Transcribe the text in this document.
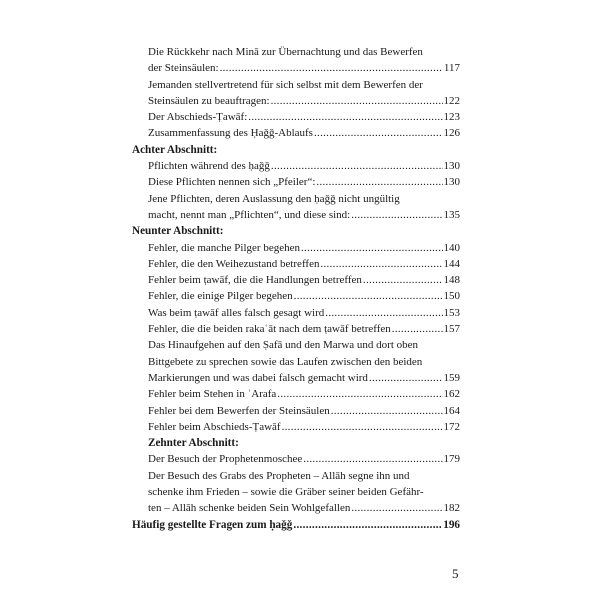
Die Rückkehr nach Minā zur Übernachtung und das Bewerfen
der Steinsäulen: .....	117
Jemanden stellvertretend für sich selbst mit dem Bewerfen der
Steinsäulen zu beauftragen: .....	122
Der Abschieds-Ṭawāf: .....	123
Zusammenfassung des Ḥaǧǧ-Ablaufs .....	126
Achter Abschnitt:
Pflichten während des ḥaǧǧ .....	130
Diese Pflichten nennen sich „Pfeiler“: .....	130
Jene Pflichten, deren Auslassung den ḥaǧǧ nicht ungültig
macht, nennt man „Pflichten“, und diese sind: .....	135
Neunter Abschnitt:
Fehler, die manche Pilger begehen .....	140
Fehler, die den Weihezustand betreffen .....	144
Fehler beim ṭawāf, die die Handlungen betreffen .....	148
Fehler, die einige Pilger begehen .....	150
Was beim ṭawāf alles falsch gesagt wird .....	153
Fehler, die die beiden rakaʿāt nach dem ṭawāf betreffen .....	157
Das Hinaufgehen auf den Ṣafā und den Marwa und dort oben
Bittgebete zu sprechen sowie das Laufen zwischen den beiden
Markierungen und was dabei falsch gemacht wird .....	159
Fehler beim Stehen in ʿArafa .....	162
Fehler bei dem Bewerfen der Steinsäulen .....	164
Fehler beim Abschieds-Ṭawāf .....	172
Zehnter Abschnitt:
Der Besuch der Prophetenmoschee .....	179
Der Besuch des Grabs des Propheten – Allāh segne ihn und
schenke ihm Frieden – sowie die Gräber seiner beiden Gefähr-
ten – Allāh schenke beiden Sein Wohlgefallen .....	182
Häufig gestellte Fragen zum ḥaǧǧ .....	196
5
